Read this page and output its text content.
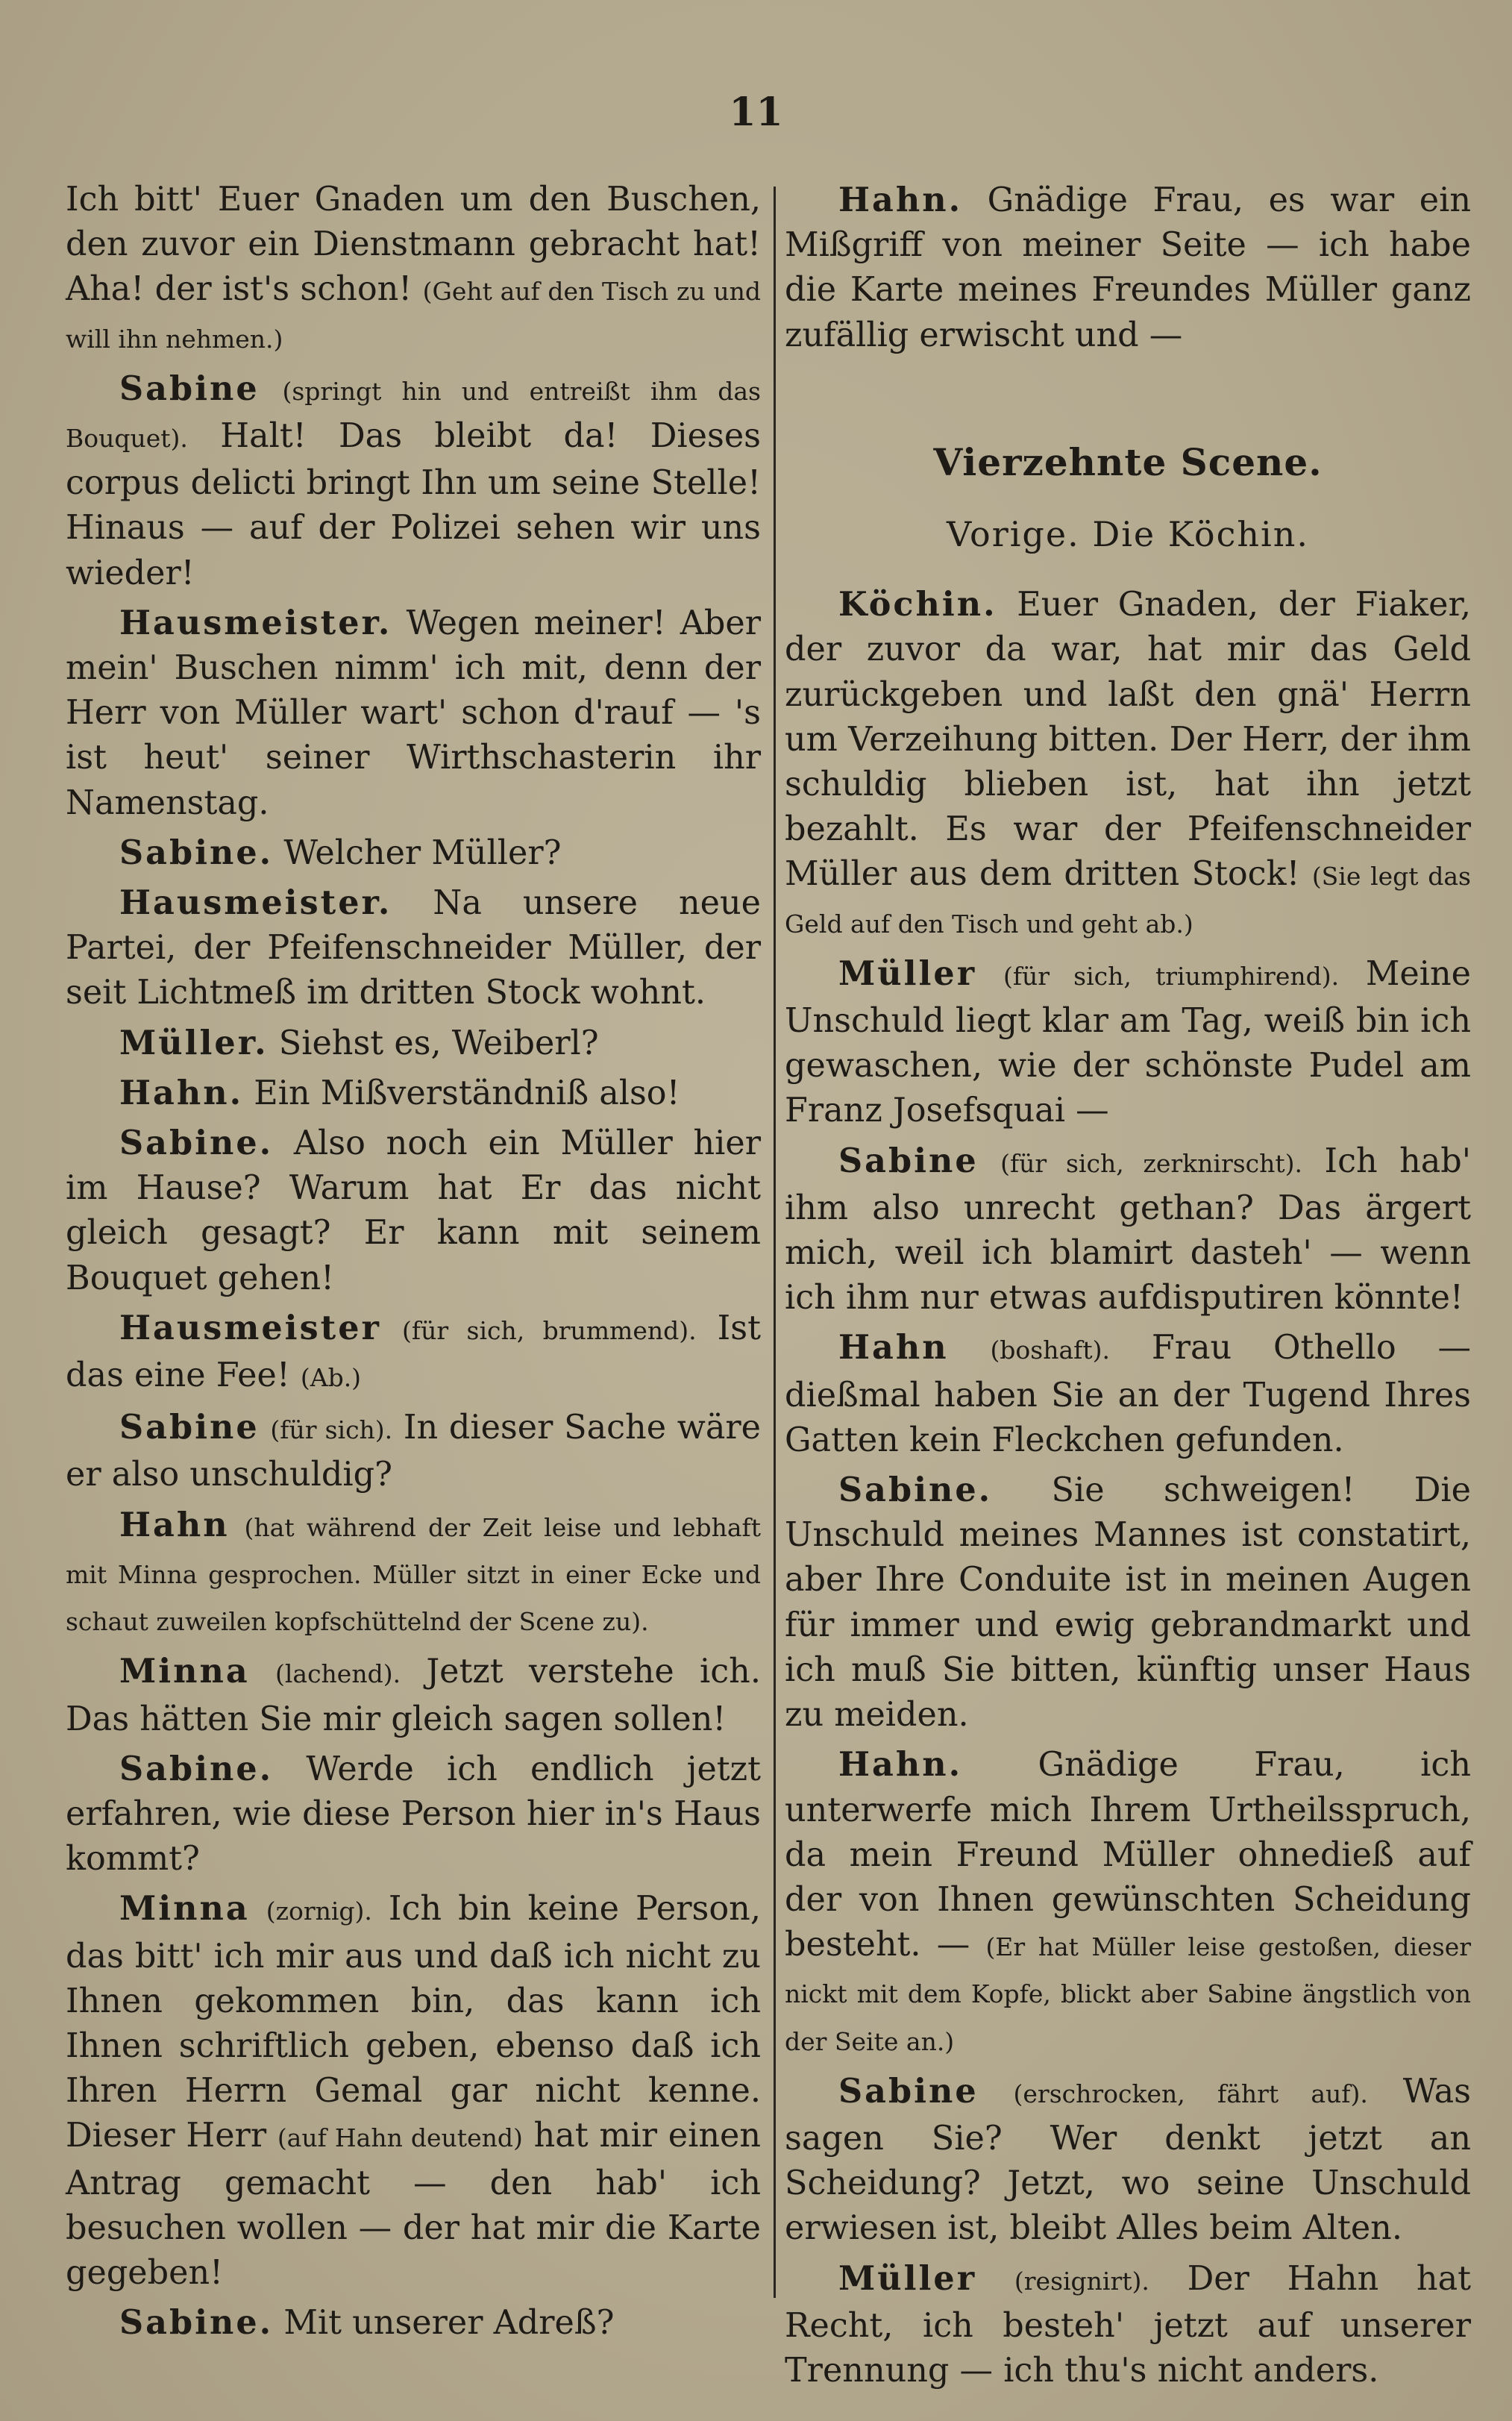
11

Ich bitt' Euer Gnaden um den Buschen, den zuvor ein Dienstmann gebracht hat! Aha! der ist's schon! (Geht auf den Tisch zu und will ihn nehmen.)

Sabine (springt hin und entreißt ihm das Bouquet). Halt! Das bleibt da! Dieses corpus delicti bringt Ihn um seine Stelle! Hinaus — auf der Polizei sehen wir uns wieder!

Hausmeister. Wegen meiner! Aber mein' Buschen nimm' ich mit, denn der Herr von Müller wart' schon d'rauf — 's ist heut' seiner Wirthschasterin ihr Namenstag.

Sabine. Welcher Müller?

Hausmeister. Na unsere neue Partei, der Pfeifenschneider Müller, der seit Lichtmeß im dritten Stock wohnt.

Müller. Siehst es, Weiberl?

Hahn. Ein Mißverständniß also!

Sabine. Also noch ein Müller hier im Hause? Warum hat Er das nicht gleich gesagt? Er kann mit seinem Bouquet gehen!

Hausmeister (für sich, brummend). Ist das eine Fee! (Ab.)

Sabine (für sich). In dieser Sache wäre er also unschuldig?

Hahn (hat während der Zeit leise und lebhaft mit Minna gesprochen. Müller sitzt in einer Ecke und schaut zuweilen kopfschüttelnd der Scene zu).

Minna (lachend). Jetzt verstehe ich. Das hätten Sie mir gleich sagen sollen!

Sabine. Werde ich endlich jetzt erfahren, wie diese Person hier in's Haus kommt?

Minna (zornig). Ich bin keine Person, das bitt' ich mir aus und daß ich nicht zu Ihnen gekommen bin, das kann ich Ihnen schriftlich geben, ebenso daß ich Ihren Herrn Gemal gar nicht kenne. Dieser Herr (auf Hahn deutend) hat mir einen Antrag gemacht — den hab' ich besuchen wollen — der hat mir die Karte gegeben!

Sabine. Mit unserer Adreß?

Hahn. Gnädige Frau, es war ein Mißgriff von meiner Seite — ich habe die Karte meines Freundes Müller ganz zufällig erwischt und —

Vierzehnte Scene.
Vorige. Die Köchin.

Köchin. Euer Gnaden, der Fiaker, der zuvor da war, hat mir das Geld zurückgeben und laßt den gnä' Herrn um Verzeihung bitten. Der Herr, der ihm schuldig blieben ist, hat ihn jetzt bezahlt. Es war der Pfeifenschneider Müller aus dem dritten Stock! (Sie legt das Geld auf den Tisch und geht ab.)

Müller (für sich, triumphirend). Meine Unschuld liegt klar am Tag, weiß bin ich gewaschen, wie der schönste Pudel am Franz Josefsquai —

Sabine (für sich, zerknirscht). Ich hab' ihm also unrecht gethan? Das ärgert mich, weil ich blamirt dasteh' — wenn ich ihm nur etwas aufdisputiren könnte!

Hahn (boshaft). Frau Othello — dießmal haben Sie an der Tugend Ihres Gatten kein Fleckchen gefunden.

Sabine. Sie schweigen! Die Unschuld meines Mannes ist constatirt, aber Ihre Conduite ist in meinen Augen für immer und ewig gebrandmarkt und ich muß Sie bitten, künftig unser Haus zu meiden.

Hahn. Gnädige Frau, ich unterwerfe mich Ihrem Urtheilsspruch, da mein Freund Müller ohnedieß auf der von Ihnen gewünschten Scheidung besteht. — (Er hat Müller leise gestoßen, dieser nickt mit dem Kopfe, blickt aber Sabine ängstlich von der Seite an.)

Sabine (erschrocken, fährt auf). Was sagen Sie? Wer denkt jetzt an Scheidung? Jetzt, wo seine Unschuld erwiesen ist, bleibt Alles beim Alten.

Müller (resignirt). Der Hahn hat Recht, ich besteh' jetzt auf unserer Trennung — ich thu's nicht anders.
